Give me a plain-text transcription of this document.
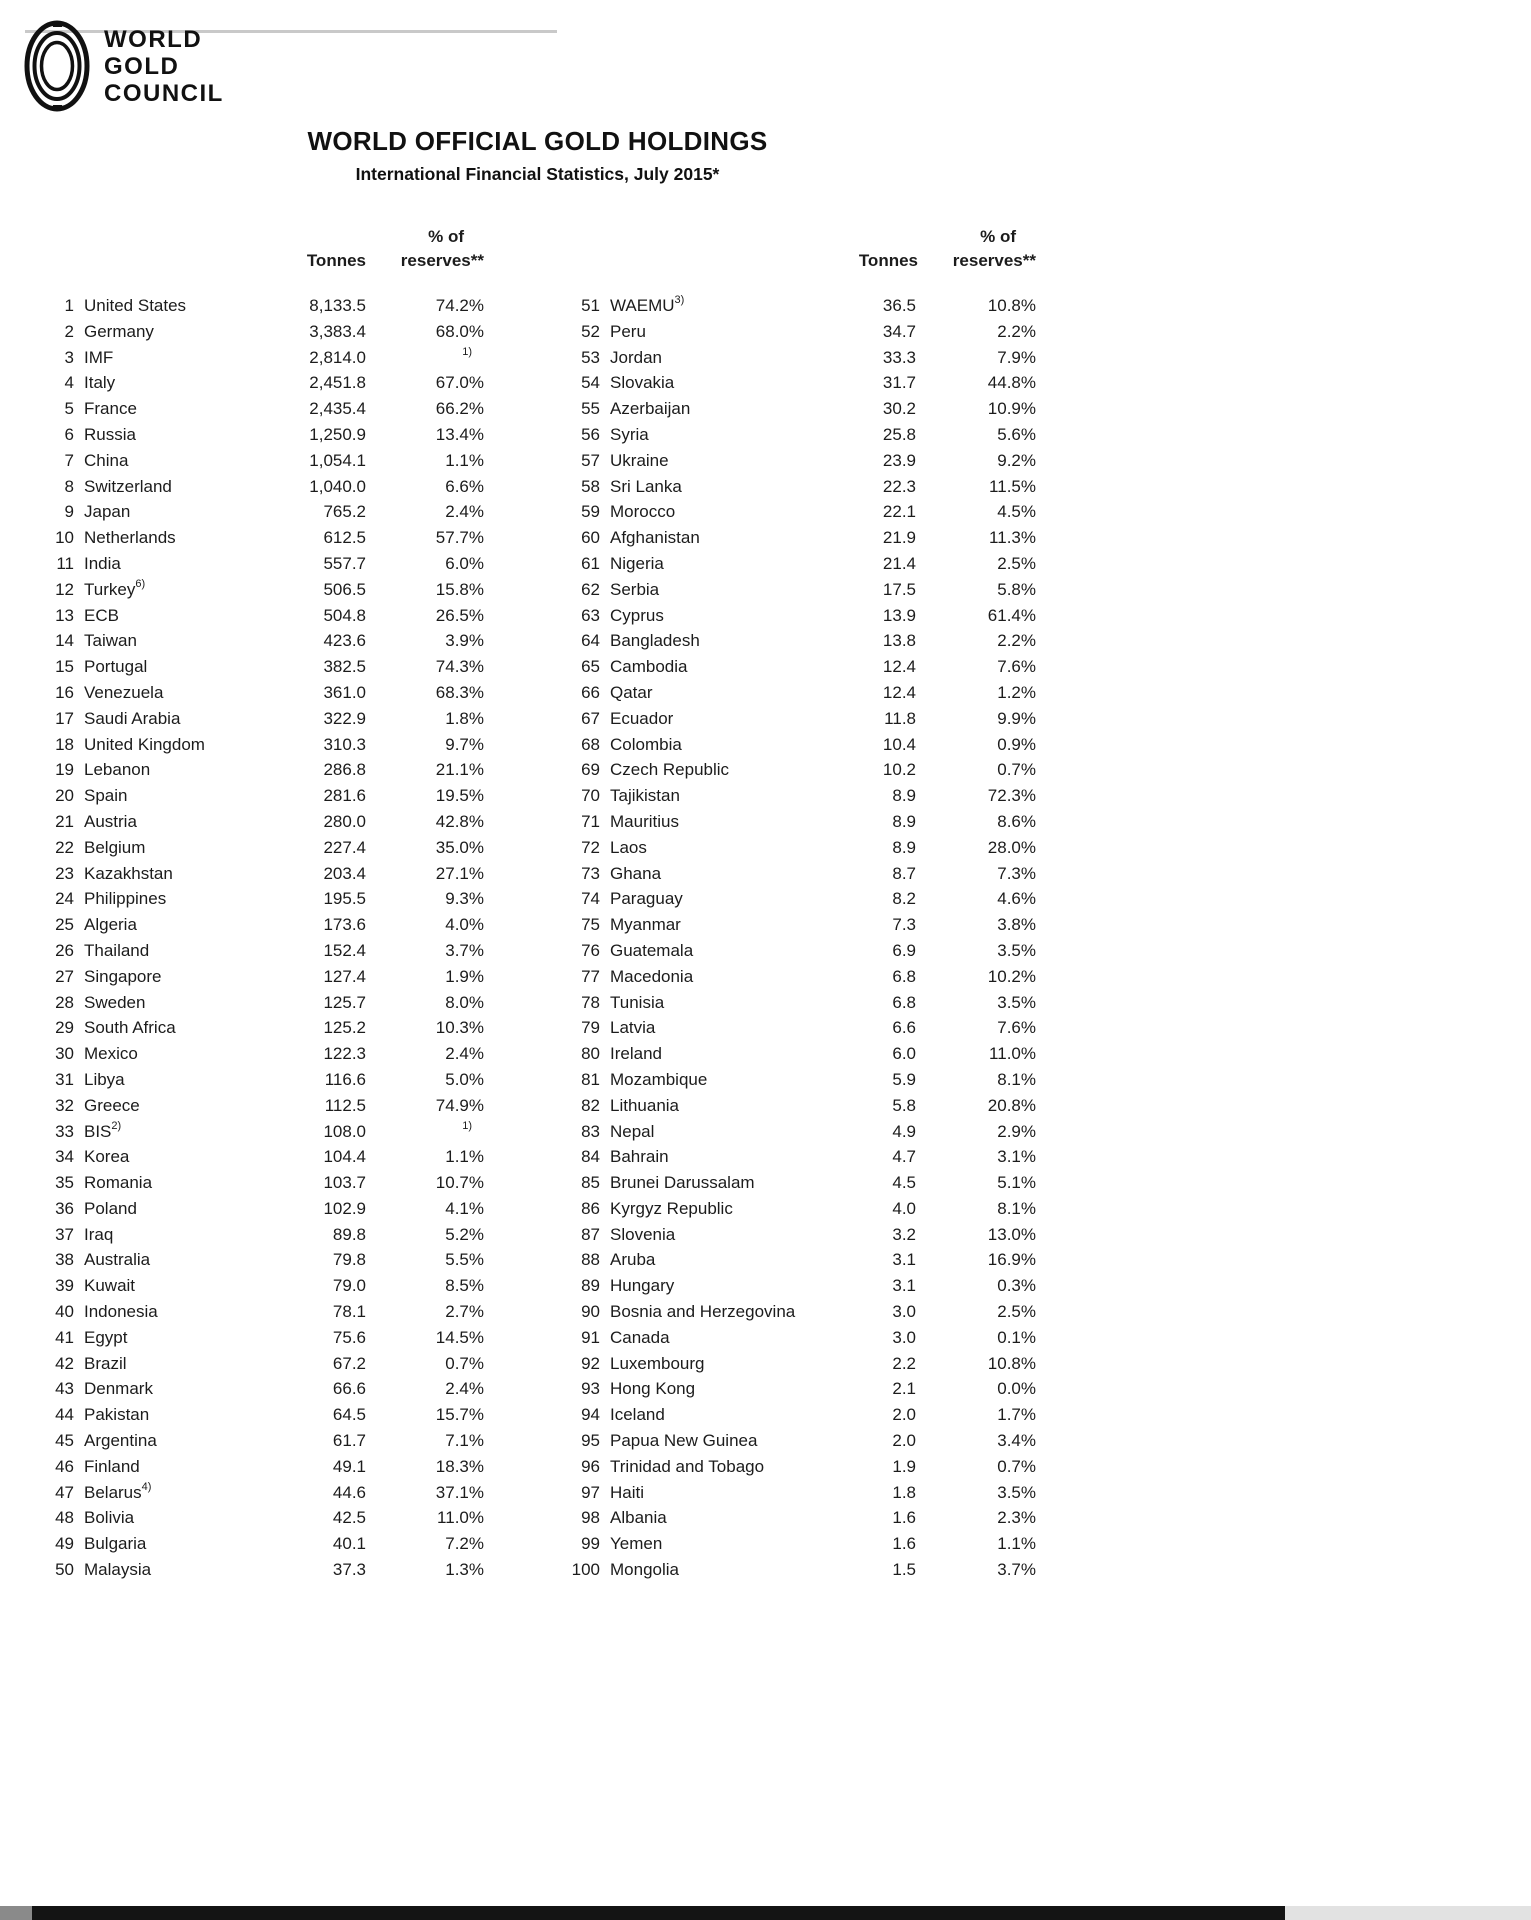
WORLD
GOLD
COUNCIL
WORLD OFFICIAL GOLD HOLDINGS
International Financial Statistics, July 2015*
% of
Tonnes	reserves**
1 United States	8,133.5	74.2%
2 Germany	3,383.4	68.0%
3 IMF	2,814.0	$^{1)}$
4 Italy	2,451.8	67.0%
5 France	2,435.4	66.2%
6 Russia	1,250.9	13.4%
7 China	1,054.1	1.1%
8 Switzerland	1,040.0	6.6%
9 Japan	765.2	2.4%
10 Netherlands	612.5	57.7%
11 India	557.7	6.0%
12 Turkey$^{6)}$	506.5	15.8%
13 ECB	504.8	26.5%
14 Taiwan	423.6	3.9%
15 Portugal	382.5	74.3%
16 Venezuela	361.0	68.3%
17 Saudi Arabia	322.9	1.8%
18 United Kingdom	310.3	9.7%
19 Lebanon	286.8	21.1%
20 Spain	281.6	19.5%
21 Austria	280.0	42.8%
22 Belgium	227.4	35.0%
23 Kazakhstan	203.4	27.1%
24 Philippines	195.5	9.3%
25 Algeria	173.6	4.0%
26 Thailand	152.4	3.7%
27 Singapore	127.4	1.9%
28 Sweden	125.7	8.0%
29 South Africa	125.2	10.3%
30 Mexico	122.3	2.4%
31 Libya	116.6	5.0%
32 Greece	112.5	74.9%
33 BIS$^{2)}$	108.0	$^{1)}$
34 Korea	104.4	1.1%
35 Romania	103.7	10.7%
36 Poland	102.9	4.1%
37 Iraq	89.8	5.2%
38 Australia	79.8	5.5%
39 Kuwait	79.0	8.5%
40 Indonesia	78.1	2.7%
41 Egypt	75.6	14.5%
42 Brazil	67.2	0.7%
43 Denmark	66.6	2.4%
44 Pakistan	64.5	15.7%
45 Argentina	61.7	7.1%
46 Finland	49.1	18.3%
47 Belarus$^{4)}$	44.6	37.1%
48 Bolivia	42.5	11.0%
49 Bulgaria	40.1	7.2%
50 Malaysia	37.3	1.3%
% of
Tonnes	reserves**
51 WAEMU$^{3)}$	36.5	10.8%
52 Peru	34.7	2.2%
53 Jordan	33.3	7.9%
54 Slovakia	31.7	44.8%
55 Azerbaijan	30.2	10.9%
56 Syria	25.8	5.6%
57 Ukraine	23.9	9.2%
58 Sri Lanka	22.3	11.5%
59 Morocco	22.1	4.5%
60 Afghanistan	21.9	11.3%
61 Nigeria	21.4	2.5%
62 Serbia	17.5	5.8%
63 Cyprus	13.9	61.4%
64 Bangladesh	13.8	2.2%
65 Cambodia	12.4	7.6%
66 Qatar	12.4	1.2%
67 Ecuador	11.8	9.9%
68 Colombia	10.4	0.9%
69 Czech Republic	10.2	0.7%
70 Tajikistan	8.9	72.3%
71 Mauritius	8.9	8.6%
72 Laos	8.9	28.0%
73 Ghana	8.7	7.3%
74 Paraguay	8.2	4.6%
75 Myanmar	7.3	3.8%
76 Guatemala	6.9	3.5%
77 Macedonia	6.8	10.2%
78 Tunisia	6.8	3.5%
79 Latvia	6.6	7.6%
80 Ireland	6.0	11.0%
81 Mozambique	5.9	8.1%
82 Lithuania	5.8	20.8%
83 Nepal	4.9	2.9%
84 Bahrain	4.7	3.1%
85 Brunei Darussalam	4.5	5.1%
86 Kyrgyz Republic	4.0	8.1%
87 Slovenia	3.2	13.0%
88 Aruba	3.1	16.9%
89 Hungary	3.1	0.3%
90 Bosnia and Herzegovina	3.0	2.5%
91 Canada	3.0	0.1%
92 Luxembourg	2.2	10.8%
93 Hong Kong	2.1	0.0%
94 Iceland	2.0	1.7%
95 Papua New Guinea	2.0	3.4%
96 Trinidad and Tobago	1.9	0.7%
97 Haiti	1.8	3.5%
98 Albania	1.6	2.3%
99 Yemen	1.6	1.1%
100 Mongolia	1.5	3.7%
